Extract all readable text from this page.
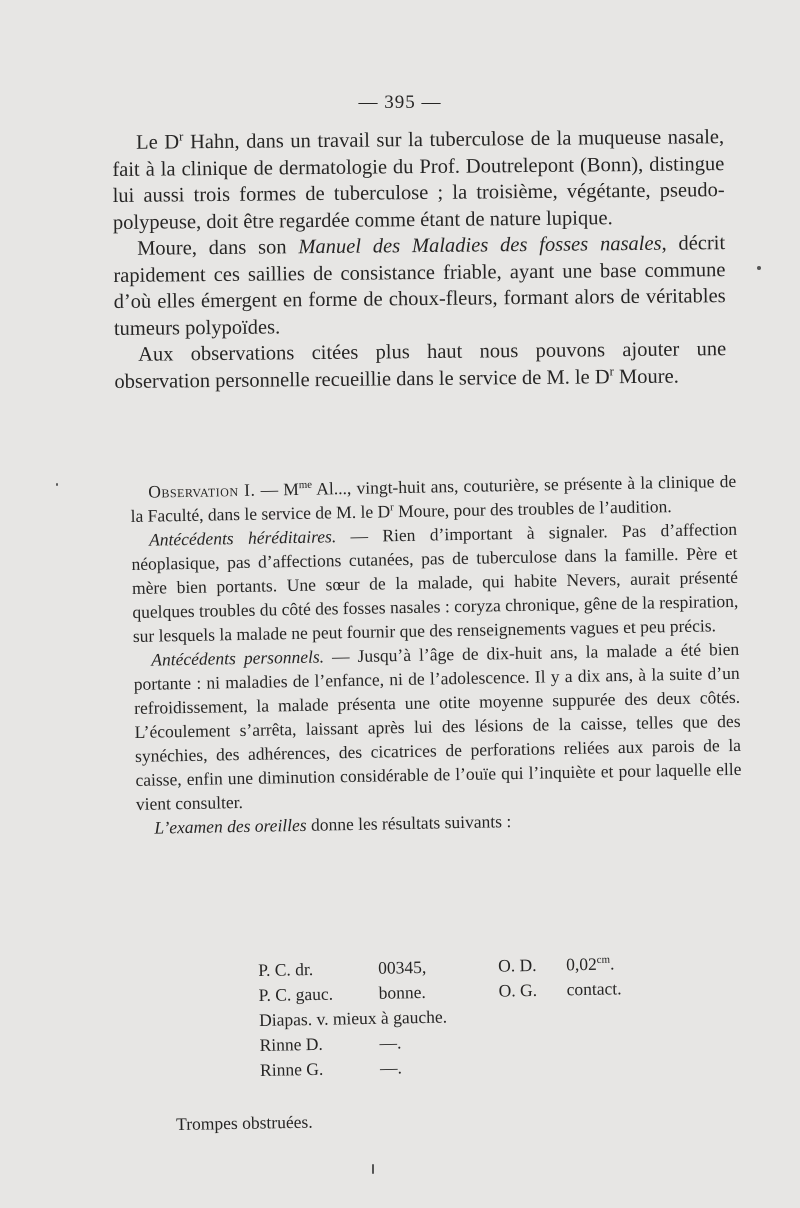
— 395 —

Le $D^r$ Hahn, dans un travail sur la tuberculose de la muqueuse nasale, fait à la clinique de dermatologie du Prof. Doutrelepont (Bonn), distingue lui aussi trois formes de tuberculose ; la troisième, végétante, pseudo-polypeuse, doit être regardée comme étant de nature lupique.

Moure, dans son Manuel des Maladies des fosses nasales, décrit rapidement ces saillies de consistance friable, ayant une base commune d’où elles émergent en forme de choux-fleurs, formant alors de véritables tumeurs polypoïdes.

Aux observations citées plus haut nous pouvons ajouter une observation personnelle recueillie dans le service de M. le $D^r$ Moure.

Observation I. — $M^{me}$ Al..., vingt-huit ans, couturière, se présente à la clinique de la Faculté, dans le service de M. le $D^r$ Moure, pour des troubles de l’audition.

Antécédents héréditaires. — Rien d’important à signaler. Pas d’affection néoplasique, pas d’affections cutanées, pas de tuberculose dans la famille. Père et mère bien portants. Une sœur de la malade, qui habite Nevers, aurait présenté quelques troubles du côté des fosses nasales : coryza chronique, gêne de la respiration, sur lesquels la malade ne peut fournir que des renseignements vagues et peu précis.

Antécédents personnels. — Jusqu’à l’âge de dix-huit ans, la malade a été bien portante : ni maladies de l’enfance, ni de l’adolescence. Il y a dix ans, à la suite d’un refroidissement, la malade présenta une otite moyenne suppurée des deux côtés. L’écoulement s’arrêta, laissant après lui des lésions de la caisse, telles que des synéchies, des adhérences, des cicatrices de perforations reliées aux parois de la caisse, enfin une diminution considérable de l’ouïe qui l’inquiète et pour laquelle elle vient consulter.

L’examen des oreilles donne les résultats suivants :

P. C. dr.	00345,	O. D.	$0,02^{cm}$.
P. C. gauc.	bonne.	O. G.	contact.
Diapas. v. mieux à gauche.
Rinne D.	—.
Rinne G.	—.
Trompes obstruées.
